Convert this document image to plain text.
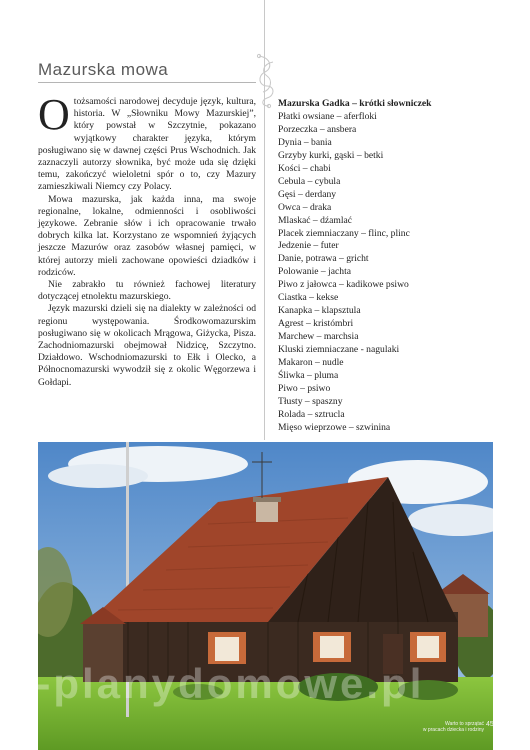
Mazurska mowa

Otożsamości narodowej decyduje język, kultura, historia. W „Słowniku Mowy Mazurskiej”, który powstał w Szczytnie, pokazano wyjątkowy charakter języka, którym posługiwano się w dawnej części Prus Wschodnich. Jak zaznaczyli autorzy słownika, być może uda się dzięki temu, zakończyć wieloletni spór o to, czy Mazury zamieszkiwali Niemcy czy Polacy.

Mowa mazurska, jak każda inna, ma swoje regionalne, lokalne, odmienności i osobliwości językowe. Zebranie słów i ich opracowanie trwało dobrych kilka lat. Korzystano ze wspomnień żyjących jeszcze Mazurów oraz zasobów własnej pamięci, w której autorzy mieli zachowane opowieści dziadków i rodziców.

Nie zabrakło tu również fachowej literatury dotyczącej etnolektu mazurskiego.

Język mazurski dzieli się na dialekty w zależności od regionu występowania. Środkowomazurskim posługiwano się w okolicach Mrągowa, Giżycka, Pisza. Zachodniomazurski obejmował Nidzicę, Szczytno. Działdowo. Wschodniomazurski to Ełk i Olecko, a Północnomazurski wywodził się z okolic Węgorzewa i Gołdapi.

Mazurska Gadka – krótki słowniczek
Płatki owsiane – aferfloki
Porzeczka – ansbera
Dynia – bania
Grzyby kurki, gąski – betki
Kości – chabi
Cebula – cybula
Gęsi – derdany
Owca – draka
Mlaskać – dźamlać
Placek ziemniaczany – flinc, plinc
Jedzenie – futer
Danie, potrawa – gricht
Polowanie – jachta
Piwo z jałowca – kadikowe psiwo
Ciastka – kekse
Kanapka – klapsztula
Agrest – kristómbri
Marchew – marchsia
Kluski ziemniaczane - nagulaki
Makaron – nudle
Śliwka – pluma
Piwo – psiwo
Tłusty – spaszny
Rolada – sztrucla
Mięso wieprzowe – szwinina
e-planydomowe.pl
Warto to sprzątać
w pracach dziecka i rodziny
45
